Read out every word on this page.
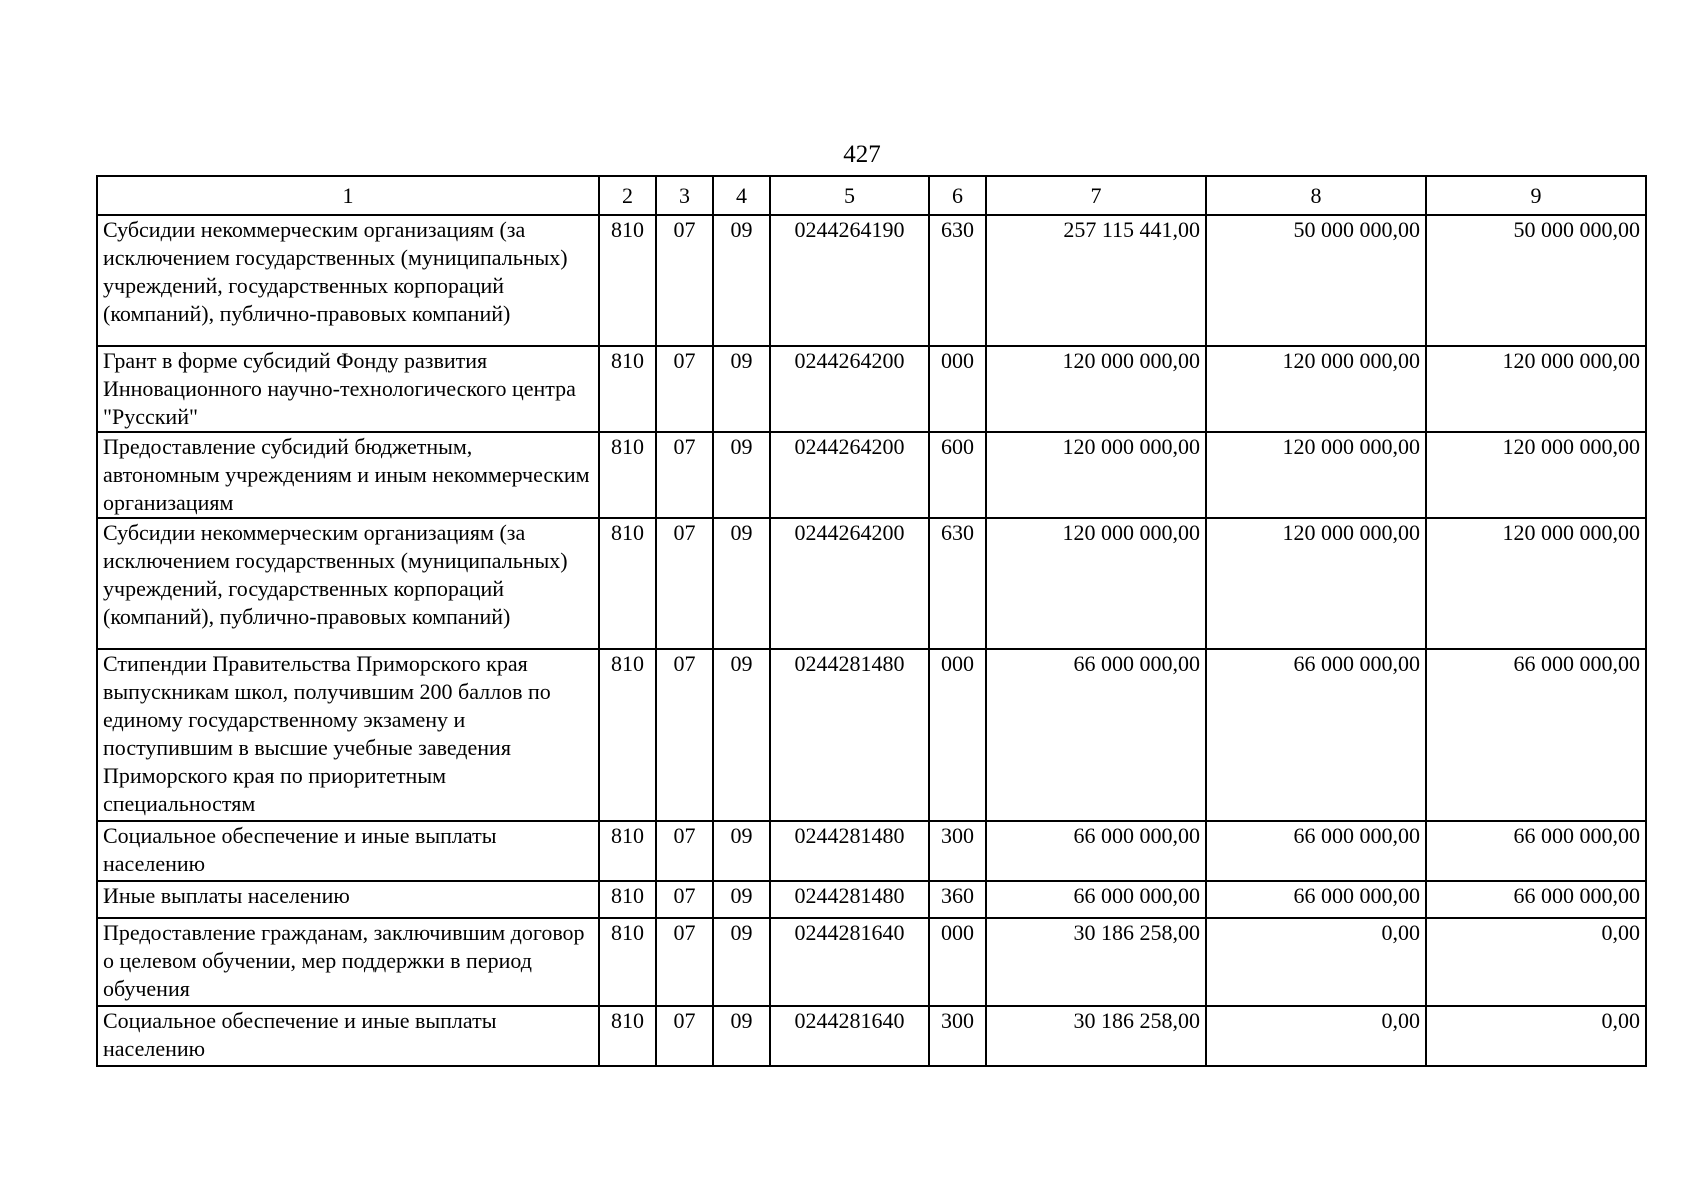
427
1	2	3	4	5	6	7	8	9
Субсидии некоммерческим организациям (за исключением государственных (муниципальных) учреждений, государственных корпораций (компаний), публично-правовых компаний)	810	07	09	0244264190	630	257 115 441,00	50 000 000,00	50 000 000,00
Грант в форме субсидий Фонду развития Инновационного научно-технологического центра "Русский"	810	07	09	0244264200	000	120 000 000,00	120 000 000,00	120 000 000,00
Предоставление субсидий бюджетным, автономным учреждениям и иным некоммерческим организациям	810	07	09	0244264200	600	120 000 000,00	120 000 000,00	120 000 000,00
Субсидии некоммерческим организациям (за исключением государственных (муниципальных) учреждений, государственных корпораций (компаний), публично-правовых компаний)	810	07	09	0244264200	630	120 000 000,00	120 000 000,00	120 000 000,00
Стипендии Правительства Приморского края выпускникам школ, получившим 200 баллов по единому государственному экзамену и поступившим в высшие учебные заведения Приморского края по приоритетным специальностям	810	07	09	0244281480	000	66 000 000,00	66 000 000,00	66 000 000,00
Социальное обеспечение и иные выплаты населению	810	07	09	0244281480	300	66 000 000,00	66 000 000,00	66 000 000,00
Иные выплаты населению	810	07	09	0244281480	360	66 000 000,00	66 000 000,00	66 000 000,00
Предоставление гражданам, заключившим договор о целевом обучении, мер поддержки в период обучения	810	07	09	0244281640	000	30 186 258,00	0,00	0,00
Социальное обеспечение и иные выплаты населению	810	07	09	0244281640	300	30 186 258,00	0,00	0,00
